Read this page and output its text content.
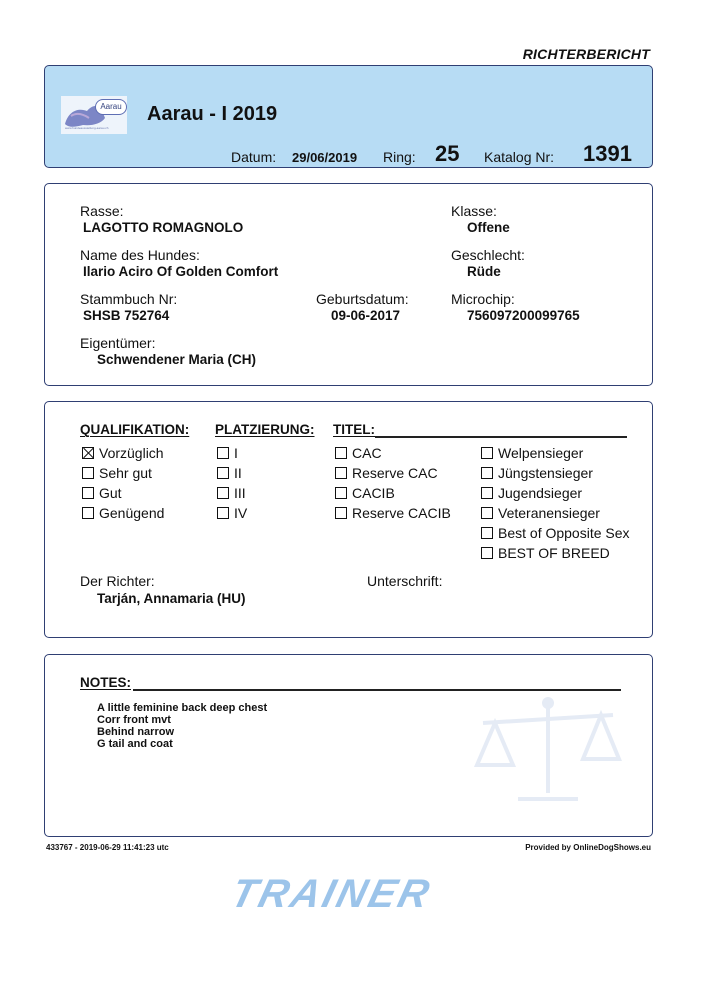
RICHTERBERICHT
Aarau
www.hundeausstellung-aarau.ch
Aarau - I 2019
Datum: 29/06/2019 Ring: 25 Katalog Nr: 1391
Rasse:
LAGOTTO ROMAGNOLO
Klasse:
Offene
Name des Hundes:
Ilario Aciro Of Golden Comfort
Geschlecht:
Rüde
Stammbuch Nr:
SHSB 752764
Geburtsdatum:
09-06-2017
Microchip:
756097200099765
Eigentümer:
Schwendener Maria (CH)
QUALIFIKATION: PLATZIERUNG: TITEL:
Vorzüglich
Sehr gut
Gut
Genügend
I
II
III
IV
CAC
Reserve CAC
CACIB
Reserve CACIB
Welpensieger
Jüngstensieger
Jugendsieger
Veteranensieger
Best of Opposite Sex
BEST OF BREED
Der Richter:
Tarján, Annamaria (HU)
Unterschrift:
NOTES:
A little feminine back deep chest
Corr front mvt
Behind narrow
G tail and coat
433767 - 2019-06-29 11:41:23 utc	Provided by OnlineDogShows.eu
TRAINER
